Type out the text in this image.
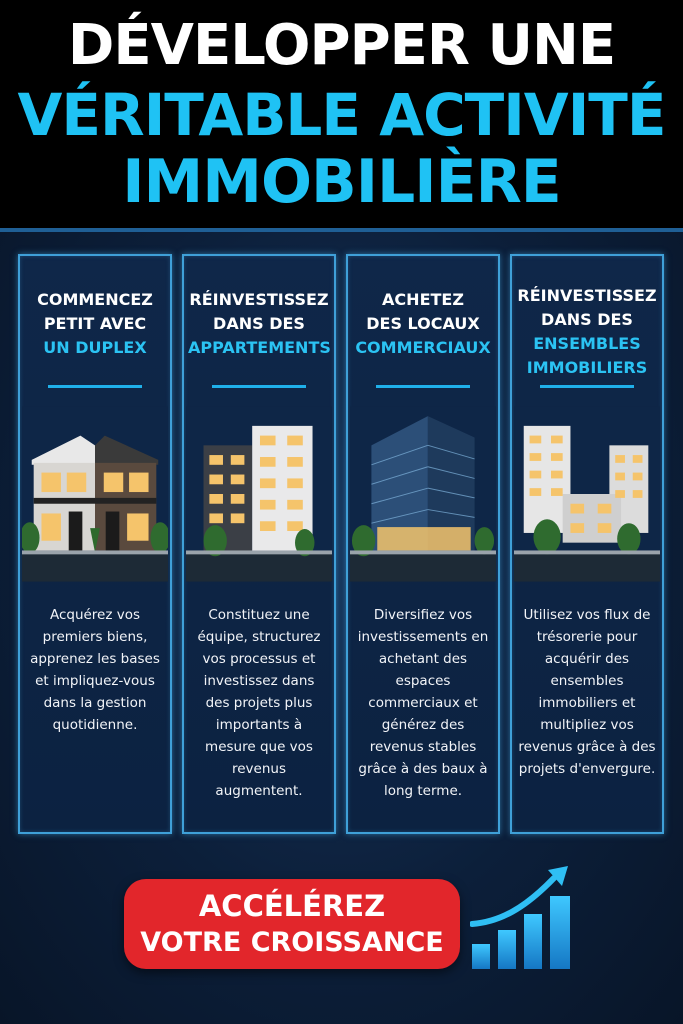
DÉVELOPPER UNE
VÉRITABLE ACTIVITÉ
IMMOBILIÈRE
COMMENCEZ
PETIT AVEC
UN DUPLEX
Acquérez vos premiers biens, apprenez les bases et impliquez-vous dans la gestion quotidienne.
RÉINVESTISSEZ
DANS DES
APPARTEMENTS
Constituez une équipe, structurez vos processus et investissez dans des projets plus importants à mesure que vos revenus augmentent.
ACHETEZ
DES LOCAUX
COMMERCIAUX
Diversifiez vos investissements en achetant des espaces commerciaux et générez des revenus stables grâce à des baux à long terme.
RÉINVESTISSEZ
DANS DES
ENSEMBLES
IMMOBILIERS
Utilisez vos flux de trésorerie pour acquérir des ensembles immobiliers et multipliez vos revenus grâce à des projets d'envergure.
ACCÉLÉREZ
VOTRE CROISSANCE
